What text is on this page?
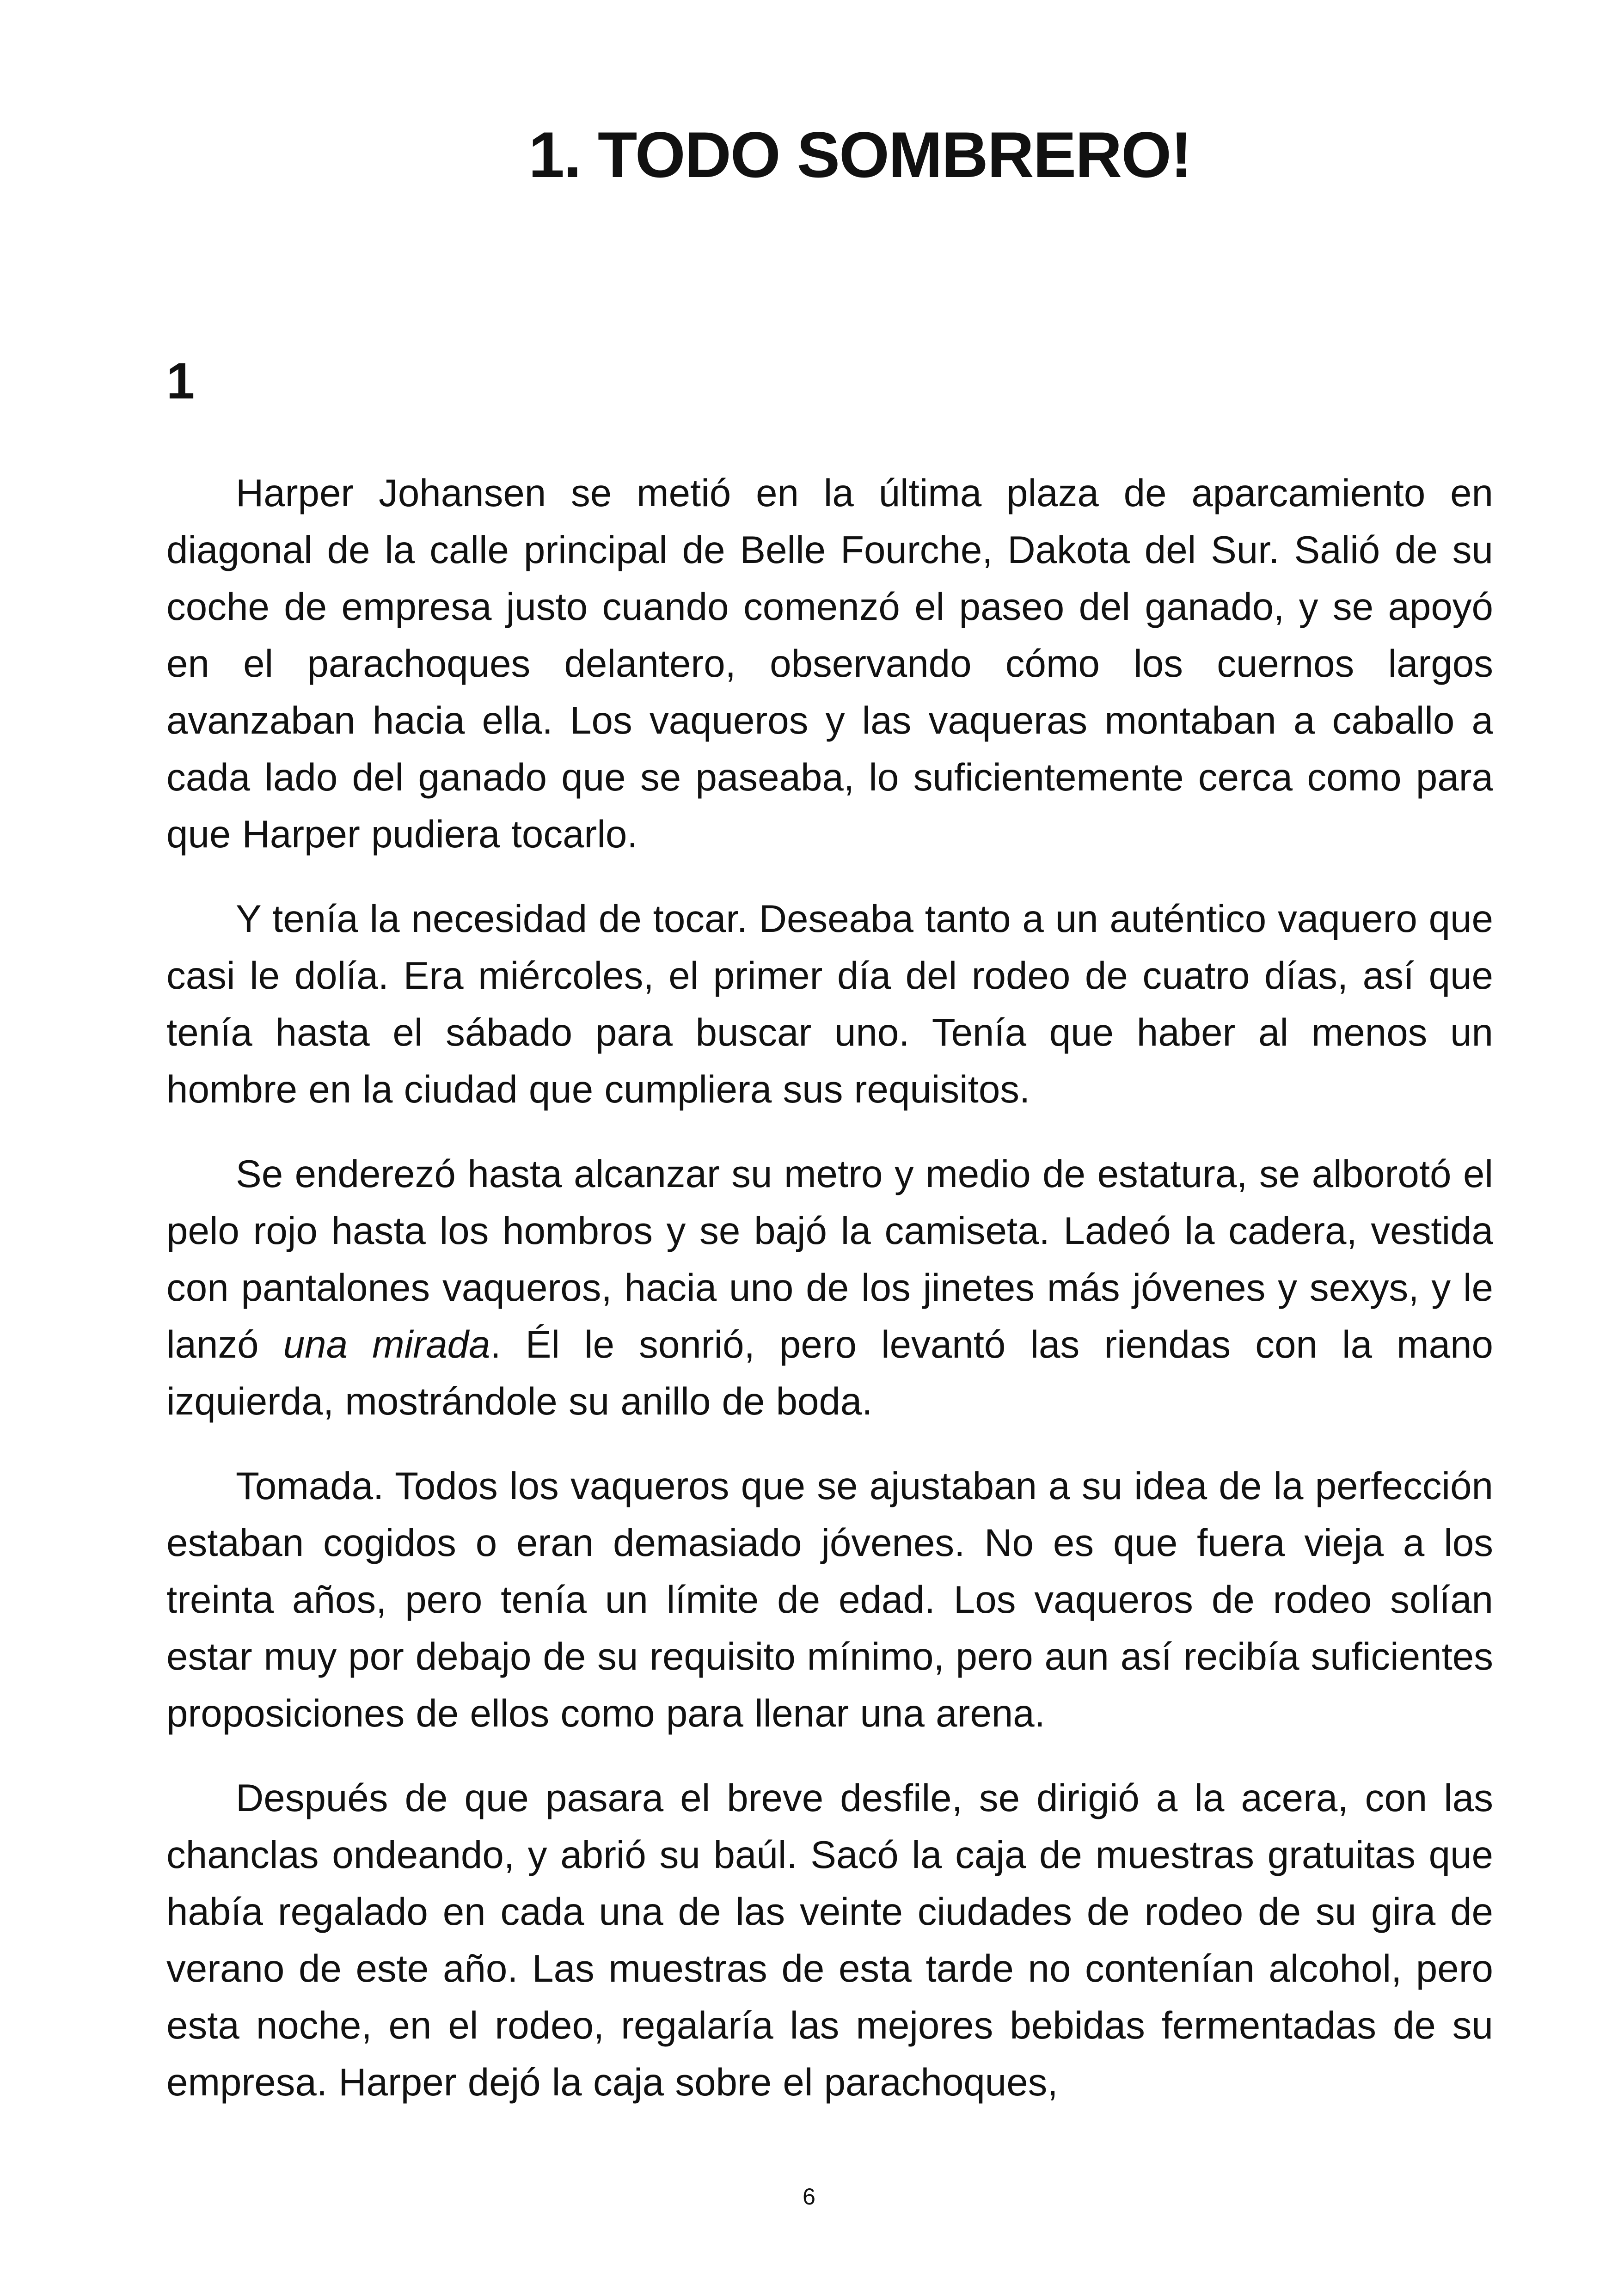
1. TODO SOMBRERO!
1

Harper Johansen se metió en la última plaza de aparcamiento en diagonal de la calle principal de Belle Fourche, Dakota del Sur. Salió de su coche de empresa justo cuando comenzó el paseo del ganado, y se apoyó en el parachoques delantero, observando cómo los cuernos largos avanzaban hacia ella. Los vaqueros y las vaqueras montaban a caballo a cada lado del ganado que se paseaba, lo suficientemente cerca como para que Harper pudiera tocarlo.

Y tenía la necesidad de tocar. Deseaba tanto a un auténtico vaquero que casi le dolía. Era miércoles, el primer día del rodeo de cuatro días, así que tenía hasta el sábado para buscar uno. Tenía que haber al menos un hombre en la ciudad que cumpliera sus requisitos.

Se enderezó hasta alcanzar su metro y medio de estatura, se alborotó el pelo rojo hasta los hombros y se bajó la camiseta. Ladeó la cadera, vestida con pantalones vaqueros, hacia uno de los jinetes más jóvenes y sexys, y le lanzó una mirada. Él le sonrió, pero levantó las riendas con la mano izquierda, mostrándole su anillo de boda.

Tomada. Todos los vaqueros que se ajustaban a su idea de la perfección estaban cogidos o eran demasiado jóvenes. No es que fuera vieja a los treinta años, pero tenía un límite de edad. Los vaqueros de rodeo solían estar muy por debajo de su requisito mínimo, pero aun así recibía suficientes proposiciones de ellos como para llenar una arena.

Después de que pasara el breve desfile, se dirigió a la acera, con las chanclas ondeando, y abrió su baúl. Sacó la caja de muestras gratuitas que había regalado en cada una de las veinte ciudades de rodeo de su gira de verano de este año. Las muestras de esta tarde no contenían alcohol, pero esta noche, en el rodeo, regalaría las mejores bebidas fermentadas de su empresa. Harper dejó la caja sobre el parachoques,

6
